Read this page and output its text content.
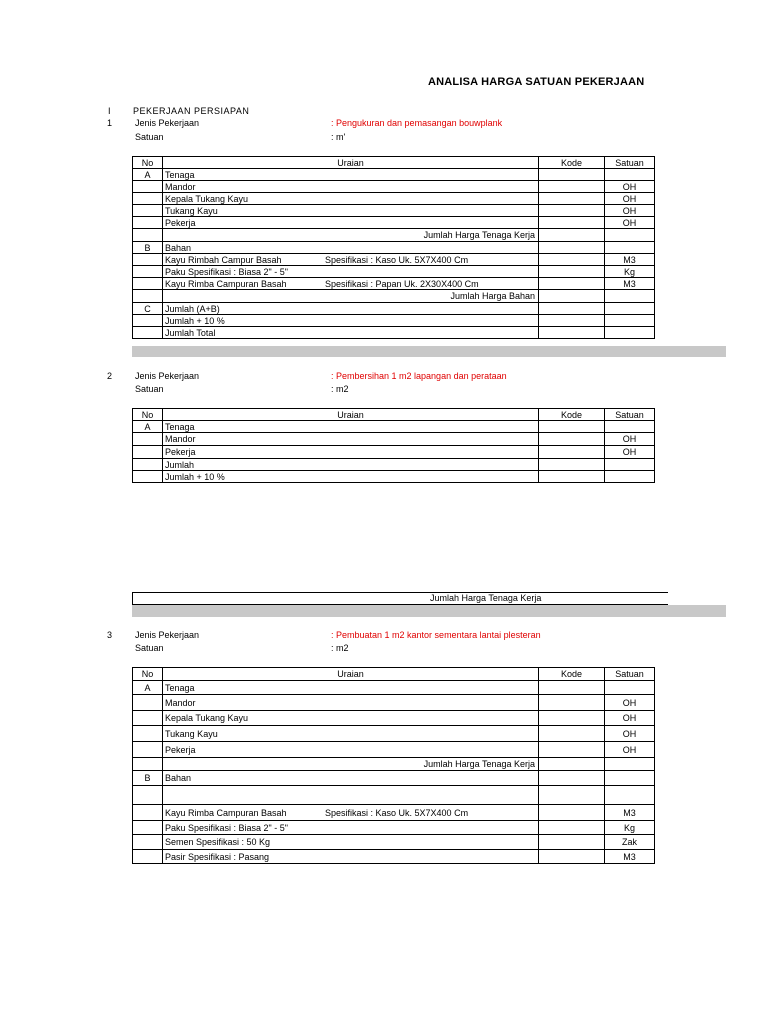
ANALISA HARGA SATUAN PEKERJAAN
I PEKERJAAN PERSIAPAN
1	Jenis Pekerjaan	: Pengukuran dan pemasangan bouwplank
Satuan	: m'
No	Uraian	Kode	Satuan
A	Tenaga		
	Mandor		OH
	Kepala Tukang Kayu		OH
	Tukang Kayu		OH
	Pekerja		OH
	Jumlah Harga Tenaga Kerja		
B	Bahan		
	Kayu Rimbah Campur Basah Spesifikasi : Kaso Uk. 5X7X400 Cm		M3
	Paku Spesifikasi : Biasa 2" - 5"		Kg
	Kayu Rimba Campuran Basah Spesifikasi : Papan Uk. 2X30X400 Cm		M3
	Jumlah Harga Bahan		
C	Jumlah (A+B)		
	Jumlah + 10 %		
	Jumlah Total		
2	Jenis Pekerjaan	: Pembersihan 1 m2 lapangan dan perataan
Satuan	: m2
No	Uraian	Kode	Satuan
A	Tenaga		
	Mandor		OH
	Pekerja		OH
	Jumlah		
	Jumlah + 10 %		
Jumlah Harga Tenaga Kerja
3	Jenis Pekerjaan	: Pembuatan 1 m2 kantor sementara lantai plesteran
Satuan	: m2
No	Uraian	Kode	Satuan
A	Tenaga		
	Mandor		OH
	Kepala Tukang Kayu		OH
	Tukang Kayu		OH
	Pekerja		OH
	Jumlah Harga Tenaga Kerja		
B	Bahan		

	Kayu Rimba Campuran Basah Spesifikasi : Kaso Uk. 5X7X400 Cm		M3
	Paku Spesifikasi : Biasa 2" - 5"		Kg
	Semen Spesifikasi : 50 Kg		Zak
	Pasir Spesifikasi : Pasang		M3
